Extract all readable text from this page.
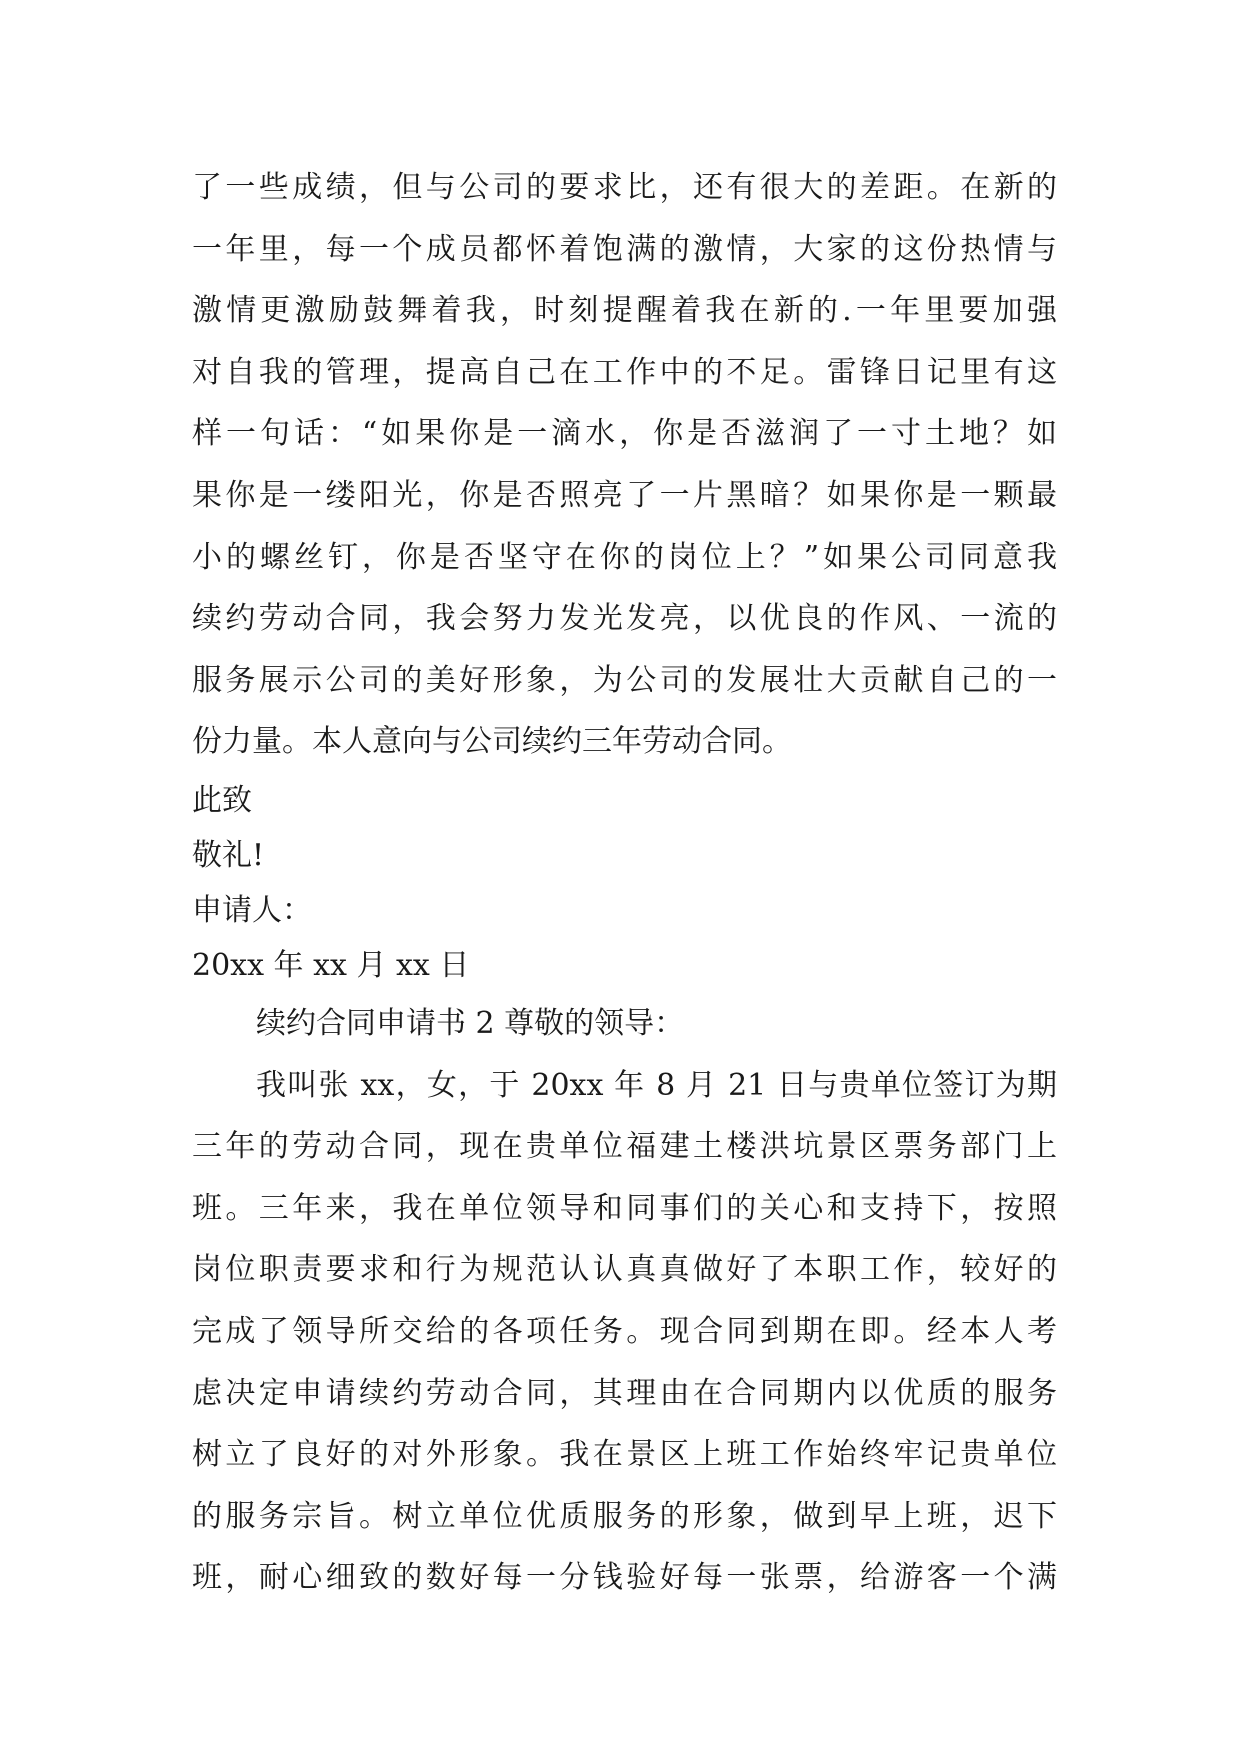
了一些成绩，但与公司的要求比，还有很大的差距。在新的
一年里，每一个成员都怀着饱满的激情，大家的这份热情与
激情更激励鼓舞着我，时刻提醒着我在新的.一年里要加强
对自我的管理，提高自己在工作中的不足。雷锋日记里有这
样一句话：“如果你是一滴水，你是否滋润了一寸土地？如
果你是一缕阳光，你是否照亮了一片黑暗？如果你是一颗最
小的螺丝钉，你是否坚守在你的岗位上？”如果公司同意我
续约劳动合同，我会努力发光发亮，以优良的作风、一流的
服务展示公司的美好形象，为公司的发展壮大贡献自己的一
份力量。本人意向与公司续约三年劳动合同。
此致
敬礼!
申请人：
20xx 年 xx 月 xx 日
续约合同申请书 2 尊敬的领导：
我叫张 xx，女，于 20xx 年 8 月 21 日与贵单位签订为期
三年的劳动合同，现在贵单位福建土楼洪坑景区票务部门上
班。三年来，我在单位领导和同事们的关心和支持下，按照
岗位职责要求和行为规范认认真真做好了本职工作，较好的
完成了领导所交给的各项任务。现合同到期在即。经本人考
虑决定申请续约劳动合同，其理由在合同期内以优质的服务
树立了良好的对外形象。我在景区上班工作始终牢记贵单位
的服务宗旨。树立单位优质服务的形象，做到早上班，迟下
班，耐心细致的数好每一分钱验好每一张票，给游客一个满
